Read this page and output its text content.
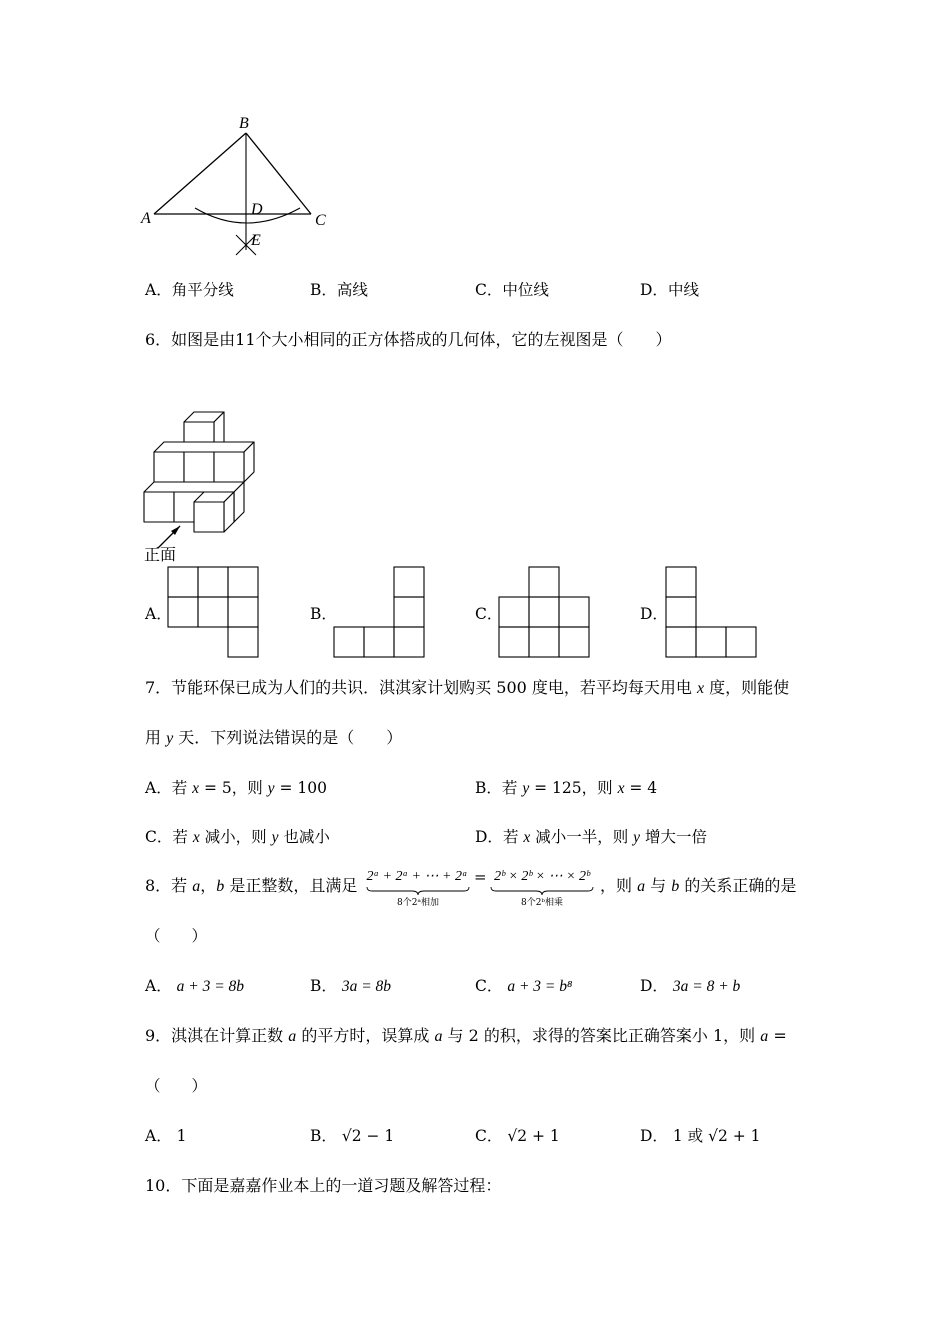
B
A	C
D
E
A．角平分线	B．高线	C．中位线	D．中线
6．如图是由11个大小相同的正方体搭成的几何体，它的左视图是（　　）
正面
A．	B．	C．	D．
7．节能环保已成为人们的共识．淇淇家计划购买 500 度电，若平均每天用电 x 度，则能使
用 y 天．下列说法错误的是（　　）
A．若 x = 5，则 y = 100	B．若 y = 125，则 x = 4
C．若 x 减小，则 y 也减小	D．若 x 减小一半，则 y 增大一倍
8．若 a，b 是正整数，且满足 2ᵃ + 2ᵃ + ⋯ + 2ᵃ
8个2ᵃ相加
= 2ᵇ × 2ᵇ × ⋯ × 2ᵇ
8个2ᵇ相乘
，则 a 与 b 的关系正确的是
（　　）
A． a + 3 = 8b	B． 3a = 8b	C． a + 3 = b⁸	D． 3a = 8 + b
9．淇淇在计算正数 a 的平方时，误算成 a 与 2 的积，求得的答案比正确答案小 1，则 a =
（　　）
A． 1	B． √2 − 1	C． √2 + 1	D． 1 或 √2 + 1
10．下面是嘉嘉作业本上的一道习题及解答过程：
